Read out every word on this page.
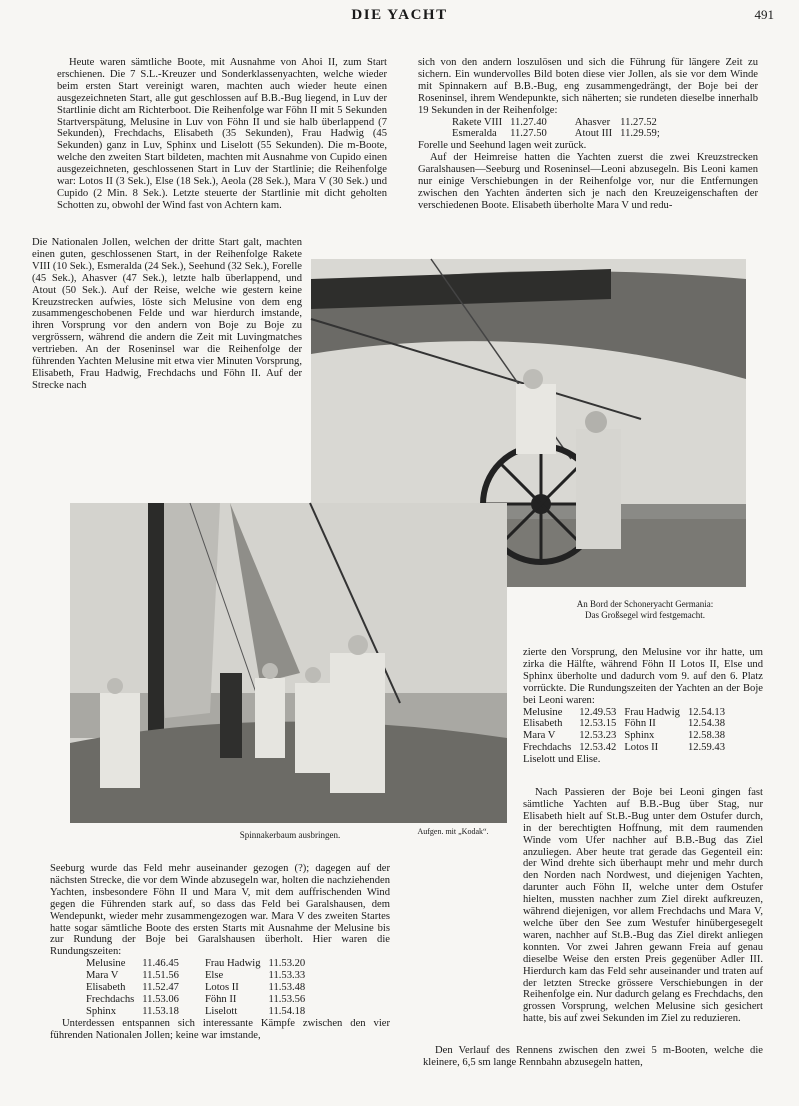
DIE YACHT	491

Heute waren sämtliche Boote, mit Ausnahme von Ahoi II, zum Start erschienen. Die 7 S.L.-Kreuzer und Sonderklassenyachten, welche wieder beim ersten Start vereinigt waren, machten auch wieder heute einen ausgezeichneten Start, alle gut geschlossen auf B.B.-Bug liegend, in Luv der Startlinie dicht am Richterboot. Die Reihenfolge war Föhn II mit 5 Sekunden Startverspätung, Melusine in Luv von Föhn II und sie halb überlappend (7 Sekunden), Frechdachs, Elisabeth (35 Sekunden), Frau Hadwig (45 Sekunden) ganz in Luv, Sphinx und Liselott (55 Sekunden). Die m-Boote, welche den zweiten Start bildeten, machten mit Ausnahme von Cupido einen ausgezeichneten, geschlossenen Start in Luv der Startlinie; die Reihenfolge war: Lotos II (3 Sek.), Else (18 Sek.), Aeola (28 Sek.), Mara V (30 Sek.) und Cupido (2 Min. 8 Sek.). Letzte steuerte der Startlinie mit dicht geholten Schotten zu, obwohl der Wind fast von Achtern kam.

Die Nationalen Jollen, welchen der dritte Start galt, machten einen guten, geschlossenen Start, in der Reihenfolge Rakete VIII (10 Sek.), Esmeralda (24 Sek.), Seehund (32 Sek.), Forelle (45 Sek.), Ahasver (47 Sek.), letzte halb überlappend, und Atout (50 Sek.). Auf der Reise, welche wie gestern keine Kreuzstrecken aufwies, löste sich Melusine von dem eng zusammengeschobenen Felde und war hierdurch imstande, ihren Vorsprung vor den andern von Boje zu Boje zu vergrössern, während die andern die Zeit mit Luvingmatches vertrieben. An der Roseninsel war die Reihenfolge der führenden Yachten Melusine mit etwa vier Minuten Vorsprung, Elisabeth, Frau Hadwig, Frechdachs und Föhn II. Auf der Strecke nach

sich von den andern loszulösen und sich die Führung für längere Zeit zu sichern. Ein wundervolles Bild boten diese vier Jollen, als sie vor dem Winde mit Spinnakern auf B.B.-Bug, eng zusammengedrängt, der Boje bei der Roseninsel, ihrem Wendepunkte, sich näherten; sie rundeten dieselbe innerhalb 19 Sekunden in der Reihenfolge:

Rakete VIII	11.27.40	Ahasver	11.27.52
Esmeralda	11.27.50	Atout III	11.29.59;

Forelle und Seehund lagen weit zurück.

Auf der Heimreise hatten die Yachten zuerst die zwei Kreuzstrecken Garalshausen—Seeburg und Roseninsel—Leoni abzusegeln. Bis Leoni kamen nur einige Verschiebungen in der Reihenfolge vor, nur die Entfernungen zwischen den Yachten änderten sich je nach den Kreuzeigenschaften der verschiedenen Boote. Elisabeth überholte Mara V und redu-

An Bord der Schoneryacht Germania:
Das Großsegel wird festgemacht.
Spinnakerbaum ausbringen.	Aufgen. mit „Kodak“.

zierte den Vorsprung, den Melusine vor ihr hatte, um zirka die Hälfte, während Föhn II Lotos II, Else und Sphinx überholte und dadurch vom 9. auf den 6. Platz vorrückte. Die Rundungszeiten der Yachten an der Boje bei Leoni waren:

Melusine	12.49.53	Frau Hadwig	12.54.13
Elisabeth	12.53.15	Föhn II	12.54.38
Mara V	12.53.23	Sphinx	12.58.38
Frechdachs	12.53.42	Lotos II	12.59.43

Liselott und Elise.

Nach Passieren der Boje bei Leoni gingen fast sämtliche Yachten auf B.B.-Bug über Stag, nur Elisabeth hielt auf St.B.-Bug unter dem Ostufer durch, in der berechtigten Hoffnung, mit dem raumenden Winde vom Ufer nachher auf B.B.-Bug das Ziel anzuliegen. Aber heute trat gerade das Gegenteil ein: der Wind drehte sich überhaupt mehr und mehr durch den Norden nach Nordwest, und diejenigen Yachten, darunter auch Föhn II, welche unter dem Ostufer hielten, mussten nachher zum Ziel direkt aufkreuzen, während diejenigen, vor allem Frechdachs und Mara V, welche über den See zum Westufer hinübergesegelt waren, nachher auf St.B.-Bug das Ziel direkt anliegen konnten. Vor zwei Jahren gewann Freia auf genau dieselbe Weise den ersten Preis gegenüber Adler III. Hierdurch kam das Feld sehr auseinander und traten auf der letzten Strecke grössere Verschiebungen in der Reihenfolge ein. Nur dadurch gelang es Frechdachs, den grossen Vorsprung, welchen Melusine sich gesichert hatte, bis auf zwei Sekunden im Ziel zu reduzieren.

Den Verlauf des Rennens zwischen den zwei 5 m-Booten, welche die kleinere, 6,5 sm lange Rennbahn abzusegeln hatten,

Seeburg wurde das Feld mehr auseinander gezogen (?); dagegen auf der nächsten Strecke, die vor dem Winde abzusegeln war, holten die nachziehenden Yachten, insbesondere Föhn II und Mara V, mit dem auffrischenden Wind gegen die Führenden stark auf, so dass das Feld bei Garalshausen, dem Wendepunkt, wieder mehr zusammengezogen war. Mara V des zweiten Startes hatte sogar sämtliche Boote des ersten Starts mit Ausnahme der Melusine bis zur Rundung der Boje bei Garalshausen überholt. Hier waren die Rundungszeiten:

Melusine	11.46.45	Frau Hadwig	11.53.20
Mara V	11.51.56	Else	11.53.33
Elisabeth	11.52.47	Lotos II	11.53.48
Frechdachs	11.53.06	Föhn II	11.53.56
Sphinx	11.53.18	Liselott	11.54.18

Unterdessen entspannen sich interessante Kämpfe zwischen den vier führenden Nationalen Jollen; keine war imstande,
